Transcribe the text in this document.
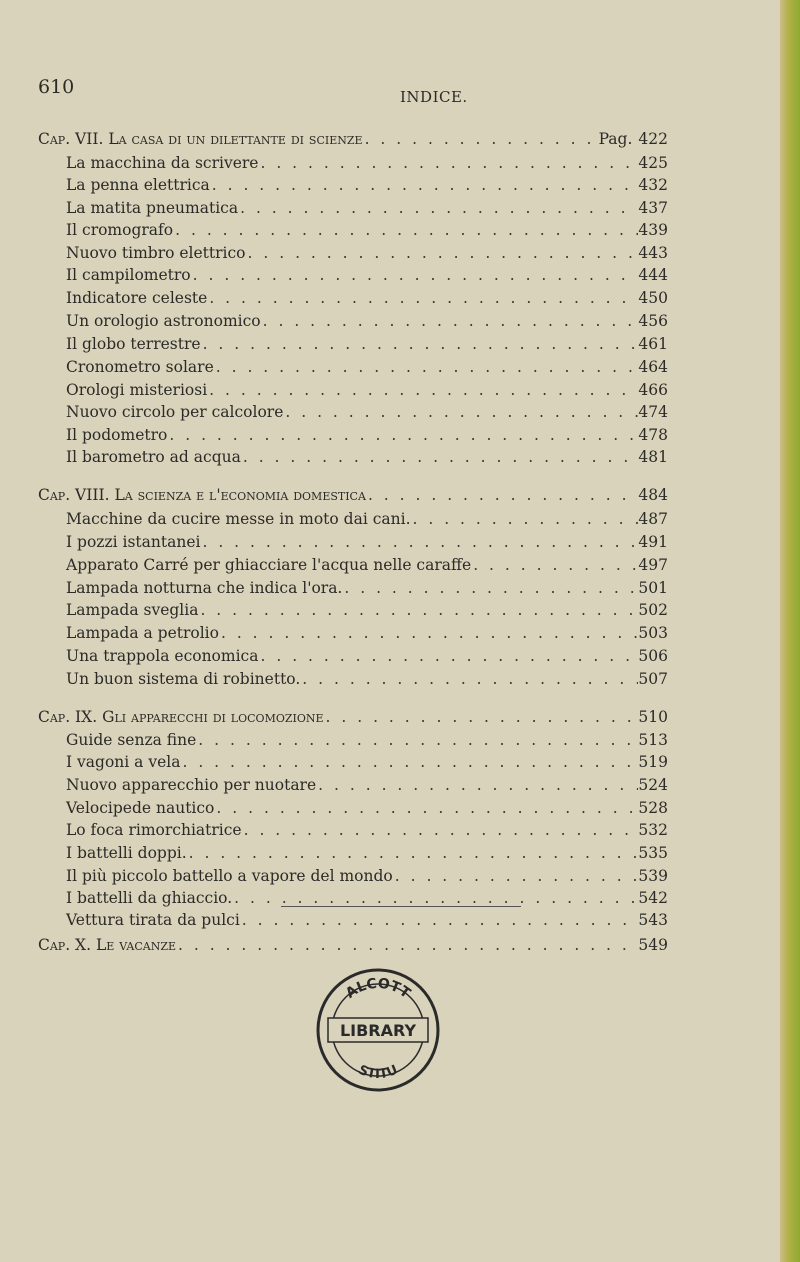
610	INDICE.
Cap. VII. La casa di un dilettante di scienze . . .	Pag. 422
La macchina da scrivere . . .	425
La penna elettrica . . .	432
La matita pneumatica . . .	437
Il cromografo . . .	439
Nuovo timbro elettrico . . .	443
Il campilometro . . .	444
Indicatore celeste . . .	450
Un orologio astronomico . . .	456
Il globo terrestre . . .	461
Cronometro solare . . .	464
Orologi misteriosi . . .	466
Nuovo circolo per calcolore . . .	474
Il podometro . . .	478
Il barometro ad acqua . . .	481
Cap. VIII. La scienza e l'economia domestica . . .	484
Macchine da cucire messe in moto dai cani. . . .	487
I pozzi istantanei . . .	491
Apparato Carré per ghiacciare l'acqua nelle caraffe . . .	497
Lampada notturna che indica l'ora. . . .	501
Lampada sveglia . . .	502
Lampada a petrolio . . .	503
Una trappola economica . . .	506
Un buon sistema di robinetto. . . .	507
Cap. IX. Gli apparecchi di locomozione . . .	510
Guide senza fine . . .	513
I vagoni a vela . . .	519
Nuovo apparecchio per nuotare . . .	524
Velocipede nautico . . .	528
Lo foca rimorchiatrice . . .	532
I battelli doppi. . . .	535
Il più piccolo battello a vapore del mondo . . .	539
I battelli da ghiaccio. . . .	542
Vettura tirata da pulci . . .	543
Cap. X. Le vacanze . . .	549
ALCOTT
LIBRARY
STITU
